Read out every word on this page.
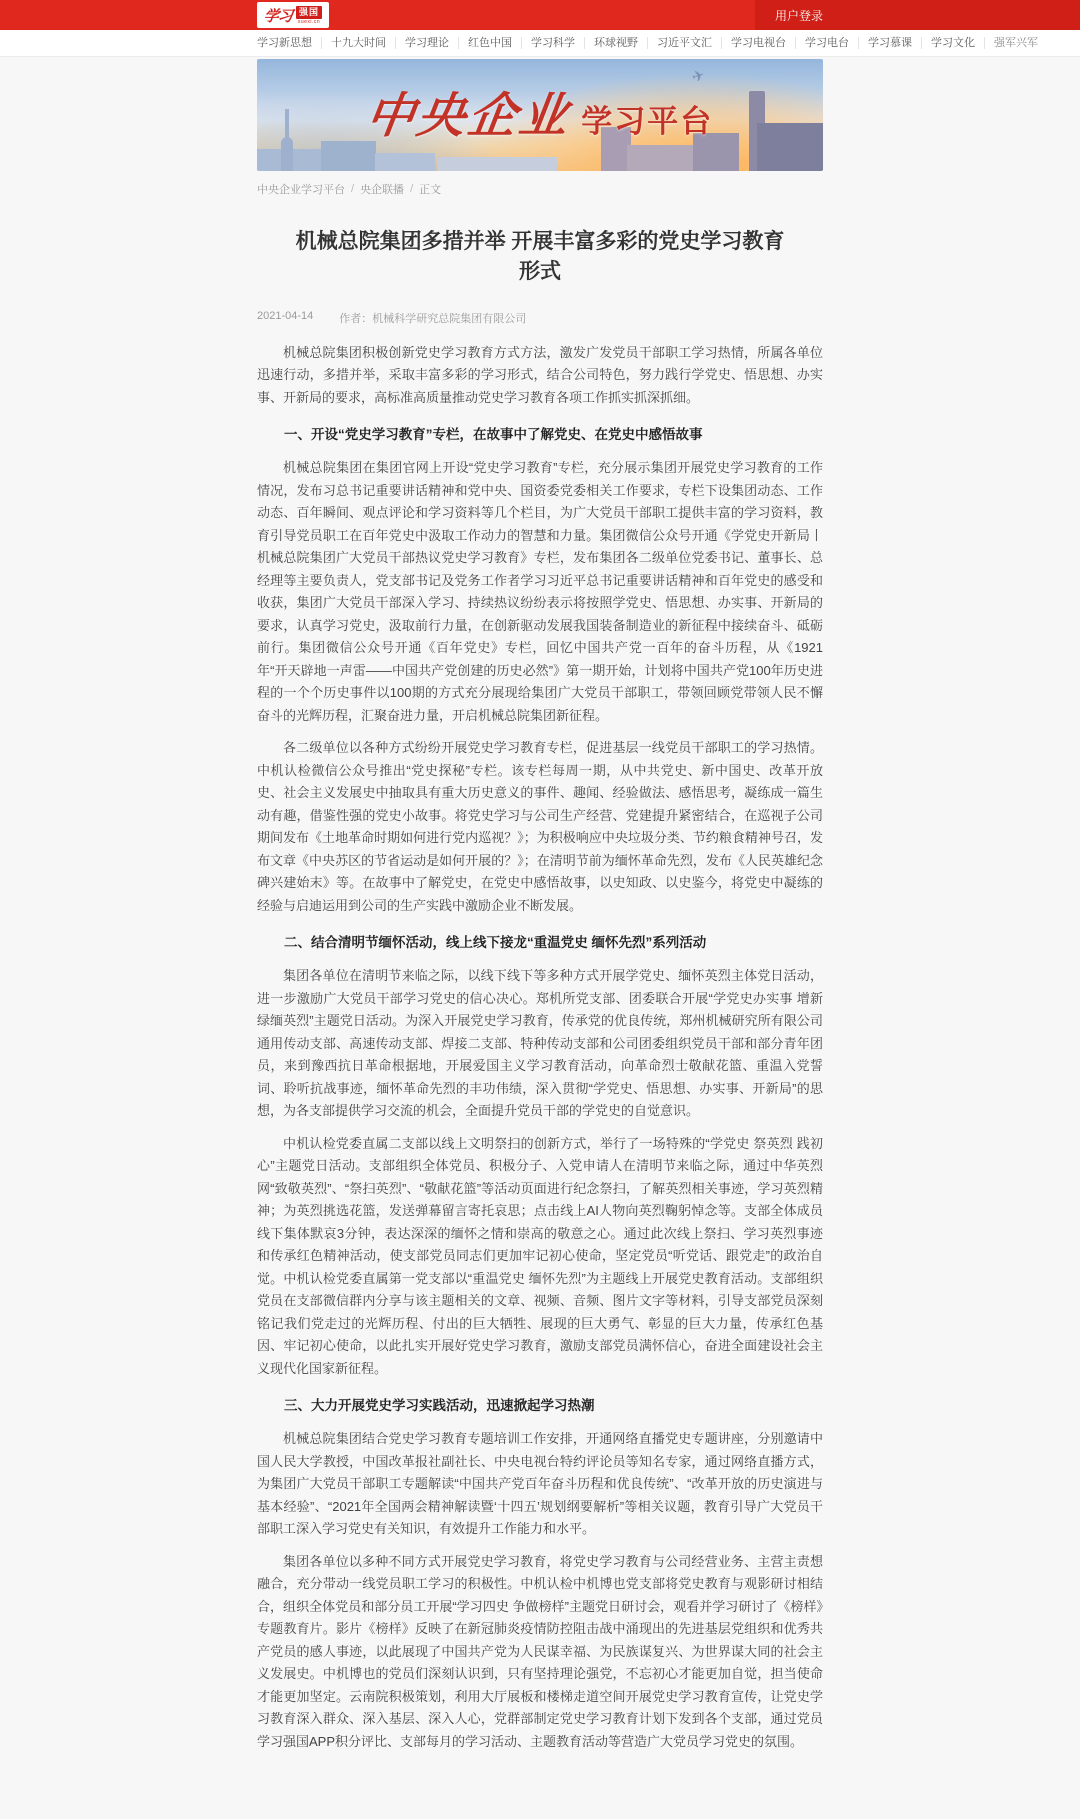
学习 强国
xuexi.cn	用户登录
学习新思想	十九大时间	学习理论	红色中国	学习科学	环球视野	习近平文汇	学习电视台	学习电台	学习慕课	学习文化	强军兴军
✈
中央企业 学习平台
中央企业学习平台 / 央企联播 / 正文
机械总院集团多措并举 开展丰富多彩的党史学习教育形式
2021-04-14 作者：机械科学研究总院集团有限公司

机械总院集团积极创新党史学习教育方式方法，激发广发党员干部职工学习热情，所属各单位迅速行动，多措并举，采取丰富多彩的学习形式，结合公司特色，努力践行学党史、悟思想、办实事、开新局的要求，高标准高质量推动党史学习教育各项工作抓实抓深抓细。

一、开设“党史学习教育”专栏，在故事中了解党史、在党史中感悟故事

机械总院集团在集团官网上开设“党史学习教育”专栏，充分展示集团开展党史学习教育的工作情况，发布习总书记重要讲话精神和党中央、国资委党委相关工作要求，专栏下设集团动态、工作动态、百年瞬间、观点评论和学习资料等几个栏目，为广大党员干部职工提供丰富的学习资料，教育引导党员职工在百年党史中汲取工作动力的智慧和力量。集团微信公众号开通《学党史开新局丨机械总院集团广大党员干部热议党史学习教育》专栏，发布集团各二级单位党委书记、董事长、总经理等主要负责人，党支部书记及党务工作者学习习近平总书记重要讲话精神和百年党史的感受和收获，集团广大党员干部深入学习、持续热议纷纷表示将按照学党史、悟思想、办实事、开新局的要求，认真学习党史，汲取前行力量，在创新驱动发展我国装备制造业的新征程中接续奋斗、砥砺前行。集团微信公众号开通《百年党史》专栏，回忆中国共产党一百年的奋斗历程，从《1921年“开天辟地一声雷——中国共产党创建的历史必然”》第一期开始，计划将中国共产党100年历史进程的一个个历史事件以100期的方式充分展现给集团广大党员干部职工，带领回顾党带领人民不懈奋斗的光辉历程，汇聚奋进力量，开启机械总院集团新征程。

各二级单位以各种方式纷纷开展党史学习教育专栏，促进基层一线党员干部职工的学习热情。中机认检微信公众号推出“党史探秘”专栏。该专栏每周一期，从中共党史、新中国史、改革开放史、社会主义发展史中抽取具有重大历史意义的事件、趣闻、经验做法、感悟思考，凝练成一篇生动有趣，借鉴性强的党史小故事。将党史学习与公司生产经营、党建提升紧密结合，在巡视子公司期间发布《土地革命时期如何进行党内巡视？》；为积极响应中央垃圾分类、节约粮食精神号召，发布文章《中央苏区的节省运动是如何开展的？》；在清明节前为缅怀革命先烈，发布《人民英雄纪念碑兴建始末》等。在故事中了解党史，在党史中感悟故事，以史知政、以史鉴今，将党史中凝练的经验与启迪运用到公司的生产实践中激励企业不断发展。

二、结合清明节缅怀活动，线上线下接龙“重温党史 缅怀先烈”系列活动

集团各单位在清明节来临之际，以线下线下等多种方式开展学党史、缅怀英烈主体党日活动，进一步激励广大党员干部学习党史的信心决心。郑机所党支部、团委联合开展“学党史办实事 增新绿缅英烈”主题党日活动。为深入开展党史学习教育，传承党的优良传统，郑州机械研究所有限公司通用传动支部、高速传动支部、焊接二支部、特种传动支部和公司团委组织党员干部和部分青年团员，来到豫西抗日革命根据地，开展爱国主义学习教育活动，向革命烈士敬献花篮、重温入党誓词、聆听抗战事迹，缅怀革命先烈的丰功伟绩，深入贯彻“学党史、悟思想、办实事、开新局”的思想，为各支部提供学习交流的机会，全面提升党员干部的学党史的自觉意识。

中机认检党委直属二支部以线上文明祭扫的创新方式，举行了一场特殊的“学党史 祭英烈 践初心”主题党日活动。支部组织全体党员、积极分子、入党申请人在清明节来临之际，通过中华英烈网“致敬英烈”、“祭扫英烈”、“敬献花篮”等活动页面进行纪念祭扫，了解英烈相关事迹，学习英烈精神；为英烈挑选花篮，发送弹幕留言寄托哀思；点击线上AI人物向英烈鞠躬悼念等。支部全体成员线下集体默哀3分钟，表达深深的缅怀之情和崇高的敬意之心。通过此次线上祭扫、学习英烈事迹和传承红色精神活动，使支部党员同志们更加牢记初心使命，坚定党员“听党话、跟党走”的政治自觉。中机认检党委直属第一党支部以“重温党史 缅怀先烈”为主题线上开展党史教育活动。支部组织党员在支部微信群内分享与该主题相关的文章、视频、音频、图片文字等材料，引导支部党员深刻铭记我们党走过的光辉历程、付出的巨大牺牲、展现的巨大勇气、彰显的巨大力量，传承红色基因、牢记初心使命，以此扎实开展好党史学习教育，激励支部党员满怀信心，奋进全面建设社会主义现代化国家新征程。

三、大力开展党史学习实践活动，迅速掀起学习热潮

机械总院集团结合党史学习教育专题培训工作安排，开通网络直播党史专题讲座，分别邀请中国人民大学教授，中国改革报社副社长、中央电视台特约评论员等知名专家，通过网络直播方式，为集团广大党员干部职工专题解读“中国共产党百年奋斗历程和优良传统”、“改革开放的历史演进与基本经验”、“2021年全国两会精神解读暨‘十四五’规划纲要解析”等相关议题，教育引导广大党员干部职工深入学习党史有关知识，有效提升工作能力和水平。

集团各单位以多种不同方式开展党史学习教育，将党史学习教育与公司经营业务、主营主责想融合，充分带动一线党员职工学习的积极性。中机认检中机博也党支部将党史教育与观影研讨相结合，组织全体党员和部分员工开展“学习四史 争做榜样”主题党日研讨会，观看并学习研讨了《榜样》专题教育片。影片《榜样》反映了在新冠肺炎疫情防控阻击战中涌现出的先进基层党组织和优秀共产党员的感人事迹，以此展现了中国共产党为人民谋幸福、为民族谋复兴、为世界谋大同的社会主义发展史。中机博也的党员们深刻认识到，只有坚持理论强党，不忘初心才能更加自觉，担当使命才能更加坚定。云南院积极策划，利用大厅展板和楼梯走道空间开展党史学习教育宣传，让党史学习教育深入群众、深入基层、深入人心，党群部制定党史学习教育计划下发到各个支部，通过党员学习强国APP积分评比、支部每月的学习活动、主题教育活动等营造广大党员学习党史的氛围。
